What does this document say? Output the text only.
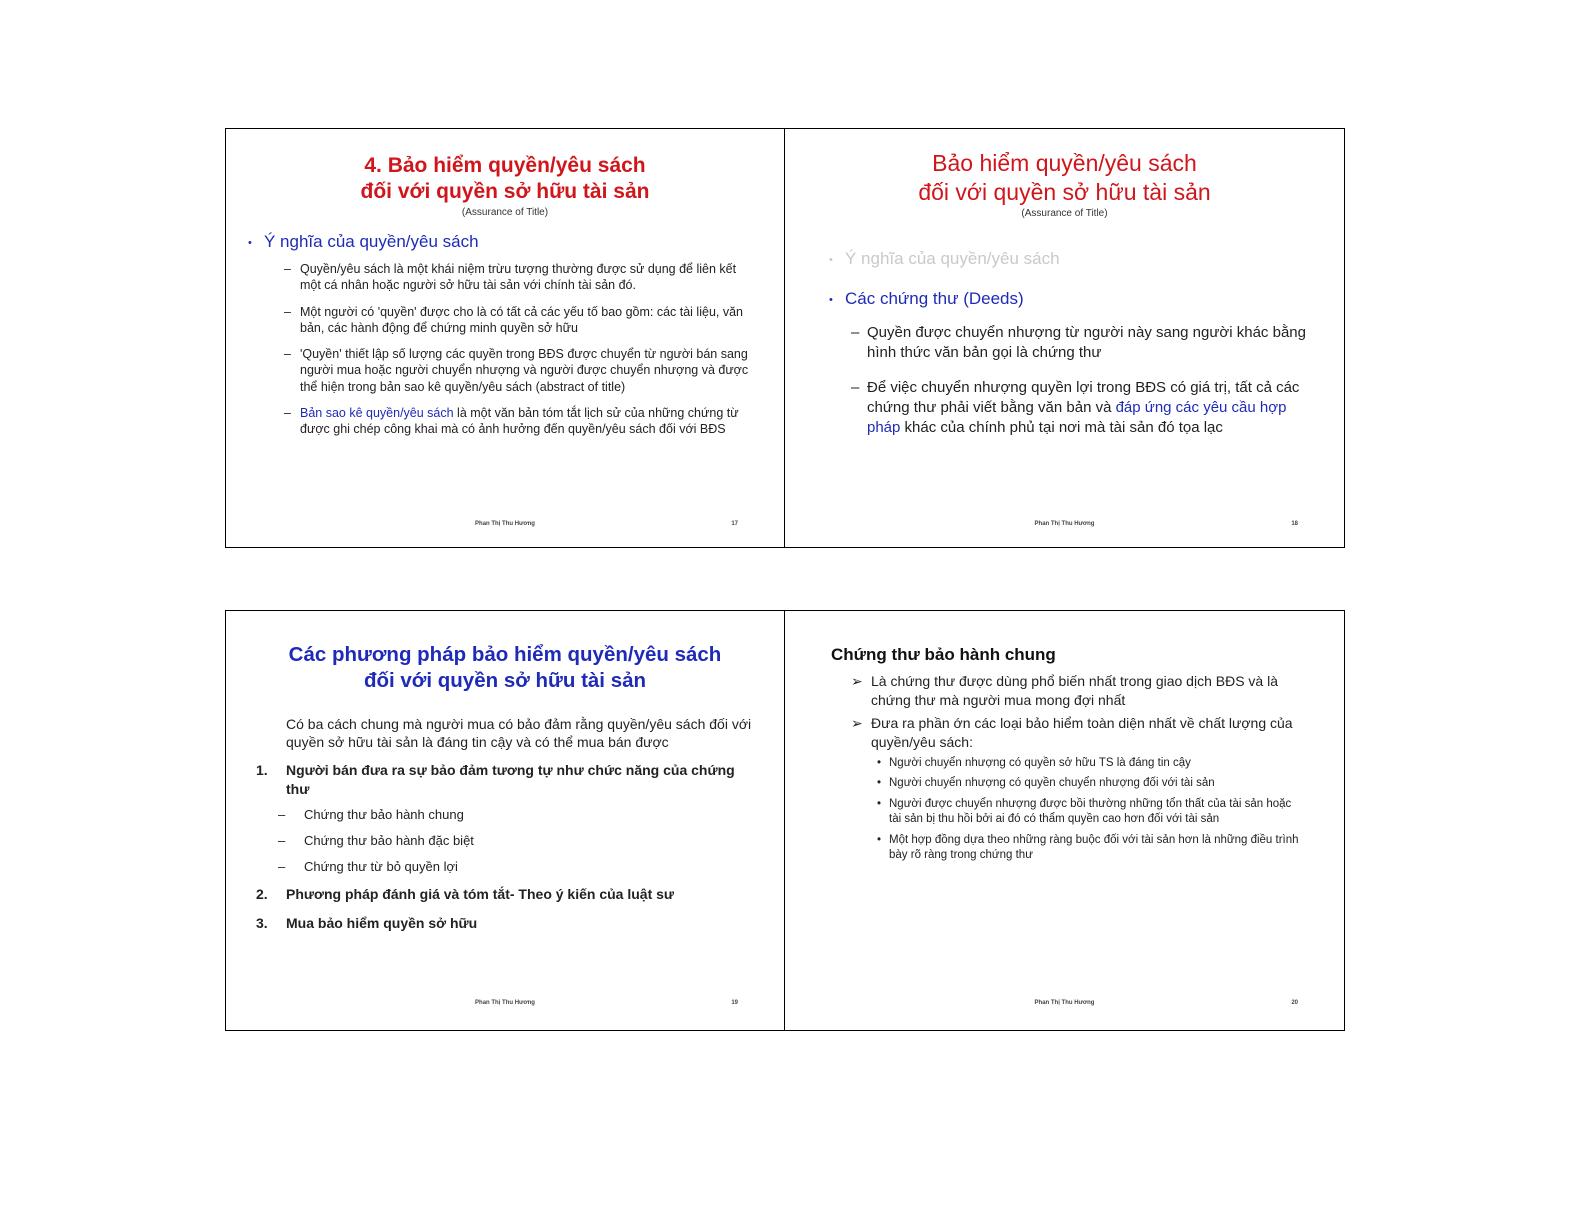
4. Bảo hiểm quyền/yêu sách
đối với quyền sở hữu tài sản
(Assurance of Title)

• Ý nghĩa của quyền/yêu sách

– Quyền/yêu sách là một khái niệm trừu tượng thường được sử dụng để liên kết một cá nhân hoặc người sở hữu tài sản với chính tài sản đó.
– Một người có 'quyền' được cho là có tất cả các yếu tố bao gồm: các tài liệu, văn bản, các hành động để chứng minh quyền sở hữu
– 'Quyền' thiết lập số lượng các quyền trong BĐS được chuyển từ người bán sang người mua hoặc người chuyển nhượng và người được chuyển nhượng và được thể hiện trong bản sao kê quyền/yêu sách (abstract of title)
– Bản sao kê quyền/yêu sách là một văn bản tóm tắt lịch sử của những chứng từ được ghi chép công khai mà có ảnh hưởng đến quyền/yêu sách đối với BĐS
Phan Thị Thu Hương	17
Bảo hiểm quyền/yêu sách
đối với quyền sở hữu tài sản
(Assurance of Title)

• Ý nghĩa của quyền/yêu sách

• Các chứng thư (Deeds)

– Quyền được chuyển nhượng từ người này sang người khác bằng hình thức văn bản gọi là chứng thư
– Để việc chuyển nhượng quyền lợi trong BĐS có giá trị, tất cả các chứng thư phải viết bằng văn bản và đáp ứng các yêu cầu hợp pháp khác của chính phủ tại nơi mà tài sản đó tọa lạc
Phan Thị Thu Hương	18
Các phương pháp bảo hiểm quyền/yêu sách
đối với quyền sở hữu tài sản
Có ba cách chung mà người mua có bảo đảm rằng quyền/yêu sách đối với quyền sở hữu tài sản là đáng tin cậy và có thể mua bán được
1.	Người bán đưa ra sự bảo đảm tương tự như chức năng của chứng thư
– Chứng thư bảo hành chung
– Chứng thư bảo hành đặc biệt
– Chứng thư từ bỏ quyền lợi
2.	Phương pháp đánh giá và tóm tắt- Theo ý kiến của luật sư
3.	Mua bảo hiểm quyền sở hữu
Phan Thị Thu Hương	19
Chứng thư bảo hành chung
➢ Là chứng thư được dùng phổ biến nhất trong giao dịch BĐS và là chứng thư mà người mua mong đợi nhất
➢ Đưa ra phần ớn các loại bảo hiểm toàn diện nhất về chất lượng của quyền/yêu sách:
• Người chuyển nhượng có quyền sở hữu TS là đáng tin cậy
• Người chuyển nhượng có quyền chuyển nhượng đối với tài sản
• Người được chuyển nhượng được bồi thường những tổn thất của tài sản hoặc tài sản bị thu hồi bởi ai đó có thẩm quyền cao hơn đối với tài sản
• Một hợp đồng dựa theo những ràng buộc đối với tài sản hơn là những điều trình bày rõ ràng trong chứng thư
Phan Thị Thu Hương	20
